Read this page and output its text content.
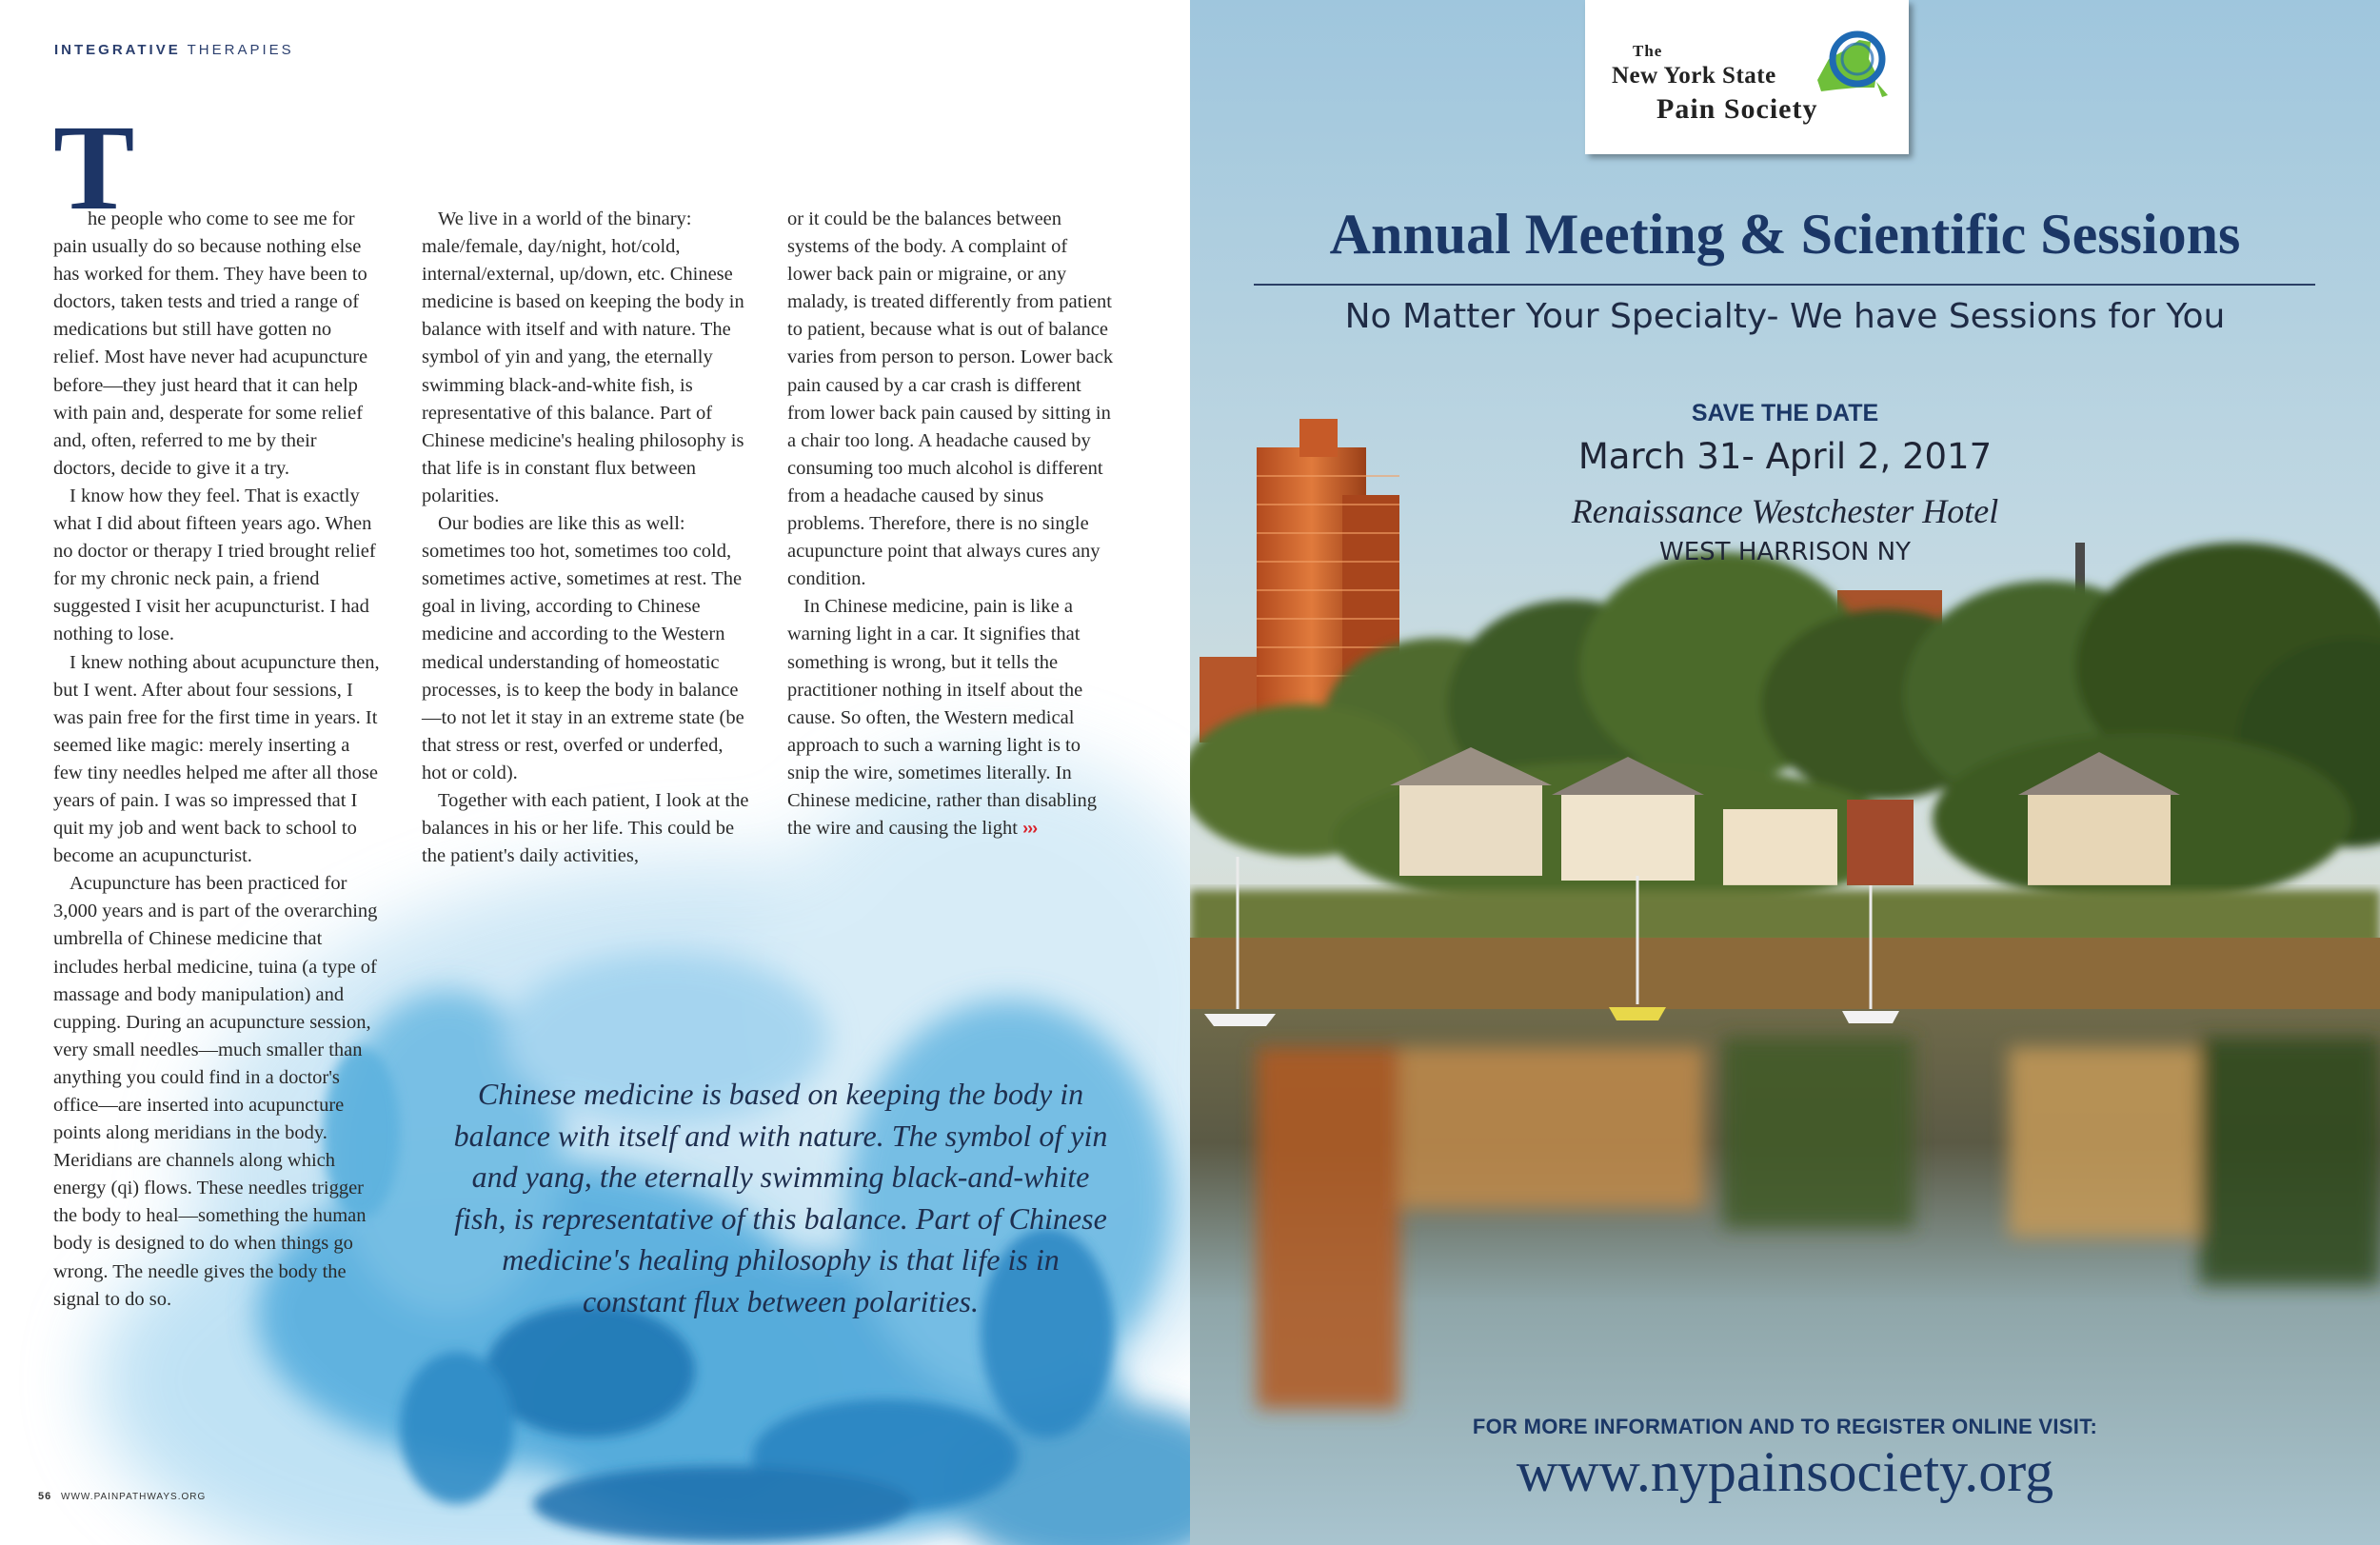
INTEGRATIVE THERAPIES
T

he people who come to see me for pain usually do so because nothing else has worked for them. They have been to doctors, taken tests and tried a range of medications but still have gotten no relief. Most have never had acupuncture before—they just heard that it can help with pain and, desperate for some relief and, often, referred to me by their doctors, decide to give it a try.

I know how they feel. That is exactly what I did about fifteen years ago. When no doctor or therapy I tried brought relief for my chronic neck pain, a friend suggested I visit her acupuncturist. I had nothing to lose.

I knew nothing about acupuncture then, but I went. After about four sessions, I was pain free for the first time in years. It seemed like magic: merely inserting a few tiny needles helped me after all those years of pain. I was so impressed that I quit my job and went back to school to become an acupuncturist.

Acupuncture has been practiced for 3,000 years and is part of the overarching umbrella of Chinese medicine that includes herbal medicine, tuina (a type of massage and body manipulation) and cupping. During an acupuncture session, very small needles—much smaller than anything you could find in a doctor's office—are inserted into acupuncture points along meridians in the body. Meridians are channels along which energy (qi) flows. These needles trigger the body to heal—something the human body is designed to do when things go wrong. The needle gives the body the signal to do so.

We live in a world of the binary: male/female, day/night, hot/cold, internal/external, up/down, etc. Chinese medicine is based on keeping the body in balance with itself and with nature. The symbol of yin and yang, the eternally swimming black-and-white fish, is representative of this balance. Part of Chinese medicine's healing philosophy is that life is in constant flux between polarities.

Our bodies are like this as well: sometimes too hot, sometimes too cold, sometimes active, sometimes at rest. The goal in living, according to Chinese medicine and according to the Western medical understanding of homeostatic processes, is to keep the body in balance—to not let it stay in an extreme state (be that stress or rest, overfed or underfed, hot or cold).

Together with each patient, I look at the balances in his or her life. This could be the patient's daily activities,

or it could be the balances between systems of the body. A complaint of lower back pain or migraine, or any malady, is treated differently from patient to patient, because what is out of balance varies from person to person. Lower back pain caused by a car crash is different from lower back pain caused by sitting in a chair too long. A headache caused by consuming too much alcohol is different from a headache caused by sinus problems. Therefore, there is no single acupuncture point that always cures any condition.

In Chinese medicine, pain is like a warning light in a car. It signifies that something is wrong, but it tells the practitioner nothing in itself about the cause. So often, the Western medical approach to such a warning light is to snip the wire, sometimes literally. In Chinese medicine, rather than disabling the wire and causing the light ›››

Chinese medicine is based on keeping the body in balance with itself and with nature. The symbol of yin and yang, the eternally swimming black-and-white fish, is representative of this balance. Part of Chinese medicine's healing philosophy is that life is in constant flux between polarities.
56 WWW.PAINPATHWAYS.ORG
The
New York State
Pain Society
Annual Meeting & Scientific Sessions
No Matter Your Specialty- We have Sessions for You
SAVE THE DATE
March 31- April 2, 2017
Renaissance Westchester Hotel
WEST HARRISON NY
FOR MORE INFORMATION AND TO REGISTER ONLINE VISIT:
www.nypainsociety.org
